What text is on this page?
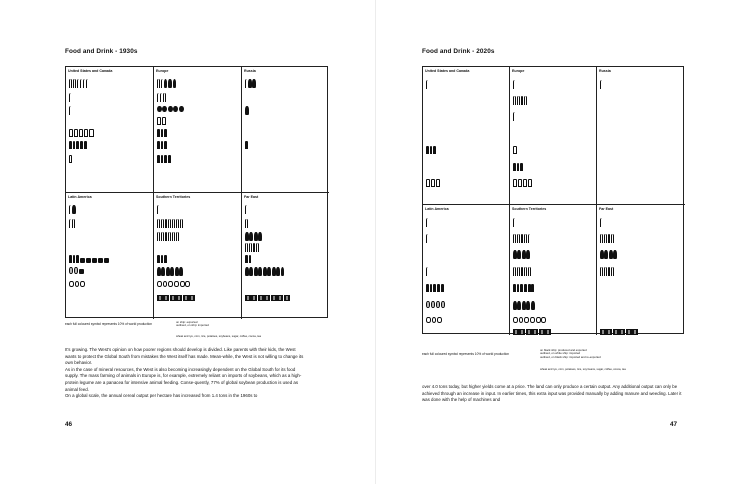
Food and Drink - 1930s
United States and Canada	Europe	Russia
Latin America	Southern Territories	Far East
each full coloured symbol represents 10% of world production	on ship: exported
outlined, on ship: imported
wheat and rye, corn, rice, potatoes, soybeans, sugar, coffee, cocoa, tea

It's growing. The West's opinion on how poorer regions should develop is divided. Like parents with their kids, the West wants to protect the Global South from mistakes the West itself has made. Mean-while, the West is not willing to change its own behavior.

As in the case of mineral resources, the West is also becoming increasingly dependent on the Global South for its food supply. The mass farming of animals in Europe is, for example, extremely reliant on imports of soybeans, which as a high-protein legume are a panacea for intensive animal feeding. Conse-quently, 77% of global soybean production is used as animal feed.

On a global scale, the annual cereal output per hectare has increased from 1.4 tons in the 1960s to

46
Food and Drink - 2020s
United States and Canada	Europe	Russia
Latin America	Southern Territories	Far East
each full coloured symbol represents 10% of world production
on black ship: produced and exported
outlined, on white ship: imported
outlined, on black ship: imported and re-exported
wheat and rye, corn, potatoes, rice, soy beans, sugar, coffee, cocoa, tea

over 4.0 tons today, but higher yields come at a price. The land can only produce a certain output. Any additional output can only be achieved through an increase in input. In earlier times, this extra input was provided manually by adding manure and weeding. Later it was done with the help of machines and

47
